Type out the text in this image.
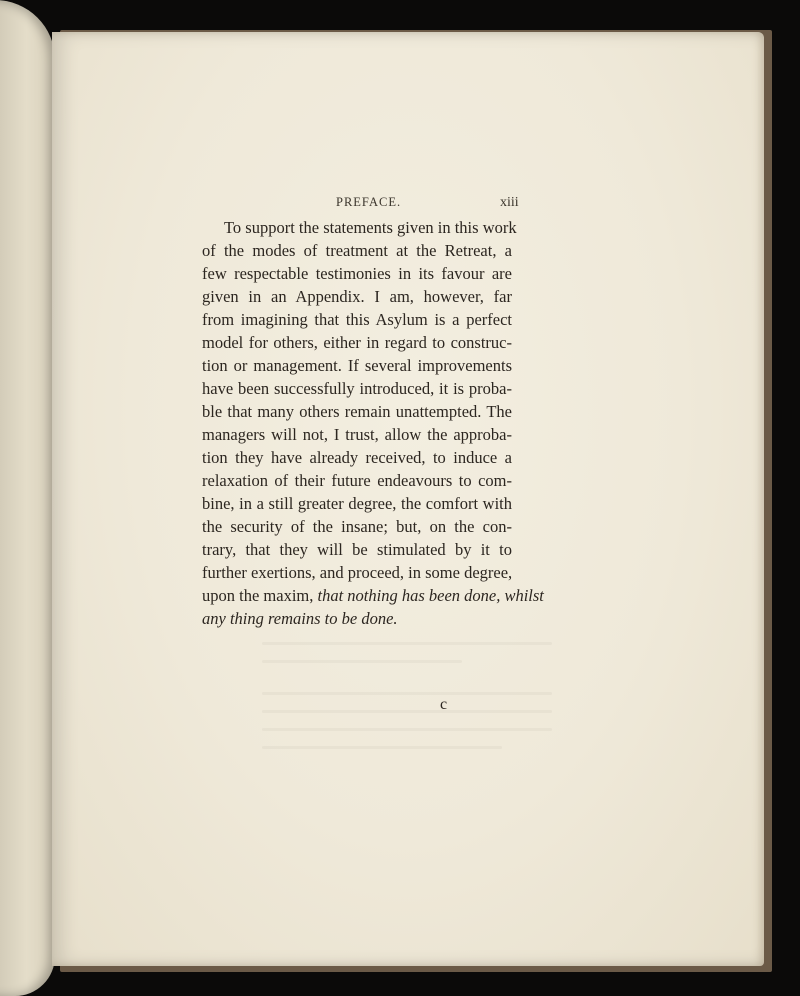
PREFACE.	xiii
To support the statements given in this work
of the modes of treatment at the Retreat, a
few respectable testimonies in its favour are
given in an Appendix. I am, however, far
from imagining that this Asylum is a perfect
model for others, either in regard to construc-
tion or management. If several improvements
have been successfully introduced, it is proba-
ble that many others remain unattempted. The
managers will not, I trust, allow the approba-
tion they have already received, to induce a
relaxation of their future endeavours to com-
bine, in a still greater degree, the comfort with
the security of the insane; but, on the con-
trary, that they will be stimulated by it to
further exertions, and proceed, in some degree,
upon the maxim, that nothing has been done, whilst
any thing remains to be done.
c
